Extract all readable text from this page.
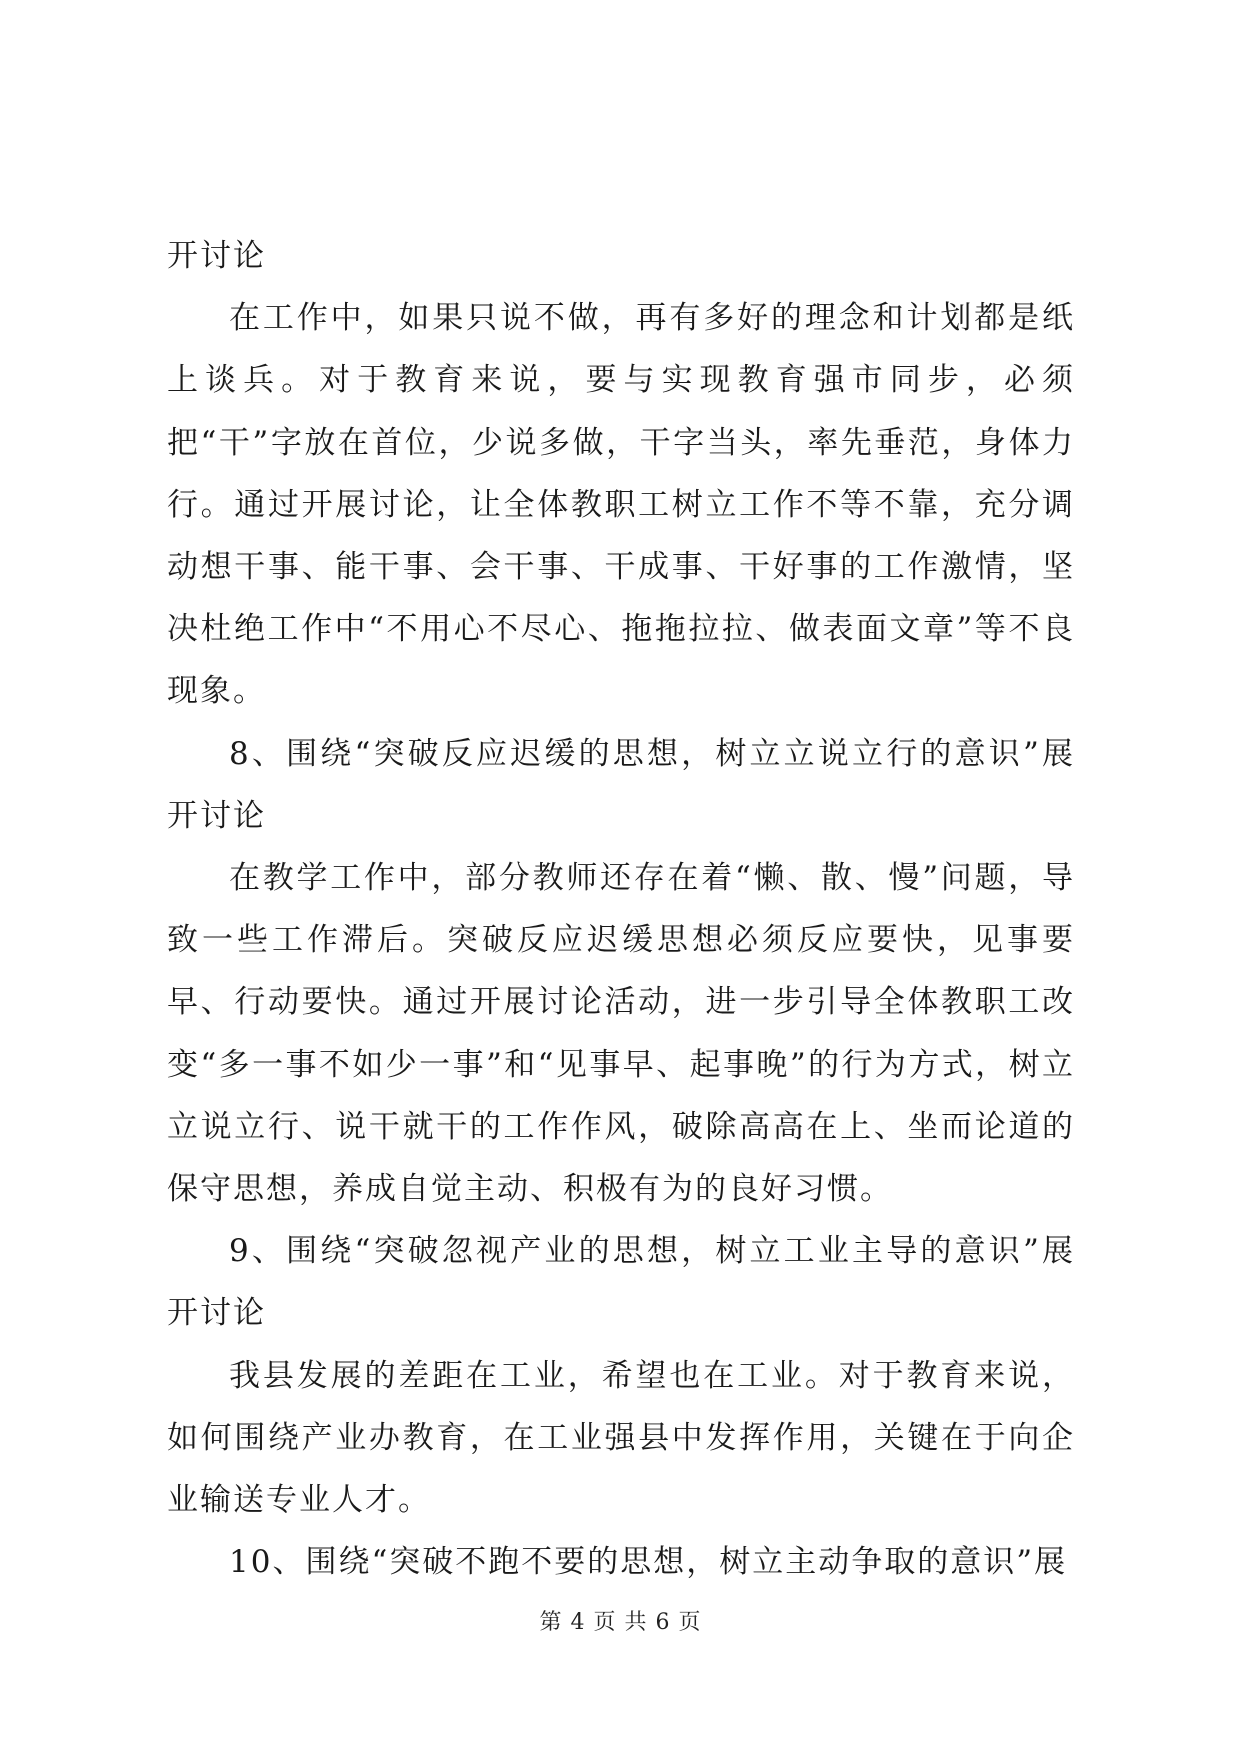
开讨论

在工作中，如果只说不做，再有多好的理念和计划都是纸上谈兵。对于教育来说，要与实现教育强市同步，必须把“干”字放在首位，少说多做，干字当头，率先垂范，身体力行。通过开展讨论，让全体教职工树立工作不等不靠，充分调动想干事、能干事、会干事、干成事、干好事的工作激情，坚决杜绝工作中“不用心不尽心、拖拖拉拉、做表面文章”等不良现象。

8、围绕“突破反应迟缓的思想，树立立说立行的意识”展开讨论

在教学工作中，部分教师还存在着“懒、散、慢”问题，导致一些工作滞后。突破反应迟缓思想必须反应要快，见事要早、行动要快。通过开展讨论活动，进一步引导全体教职工改变“多一事不如少一事”和“见事早、起事晚”的行为方式，树立立说立行、说干就干的工作作风，破除高高在上、坐而论道的保守思想，养成自觉主动、积极有为的良好习惯。

9、围绕“突破忽视产业的思想，树立工业主导的意识”展开讨论

我县发展的差距在工业，希望也在工业。对于教育来说，如何围绕产业办教育，在工业强县中发挥作用，关键在于向企业输送专业人才。

10、围绕“突破不跑不要的思想，树立主动争取的意识”展

第 4 页 共 6 页
